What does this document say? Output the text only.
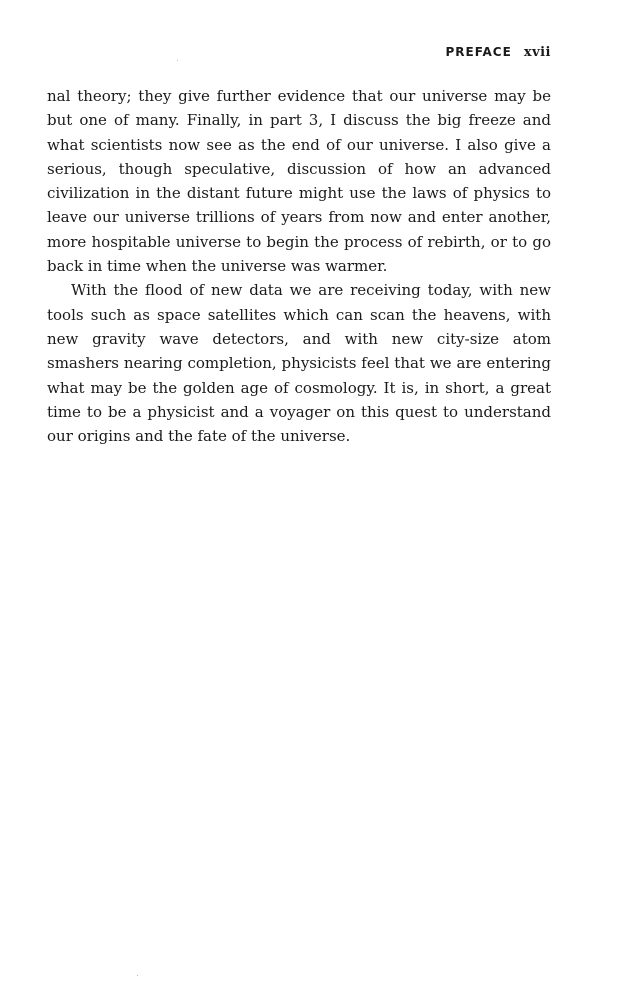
PREFACE xvii

nal theory; they give further evidence that our universe may be but one of many. Finally, in part 3, I discuss the big freeze and what scientists now see as the end of our universe. I also give a serious, though speculative, discussion of how an advanced civilization in the distant future might use the laws of physics to leave our universe trillions of years from now and enter another, more hospitable universe to begin the process of rebirth, or to go back in time when the universe was warmer.

With the flood of new data we are receiving today, with new tools such as space satellites which can scan the heavens, with new gravity wave detectors, and with new city-size atom smashers nearing completion, physicists feel that we are entering what may be the golden age of cosmology. It is, in short, a great time to be a physicist and a voyager on this quest to understand our origins and the fate of the universe.
